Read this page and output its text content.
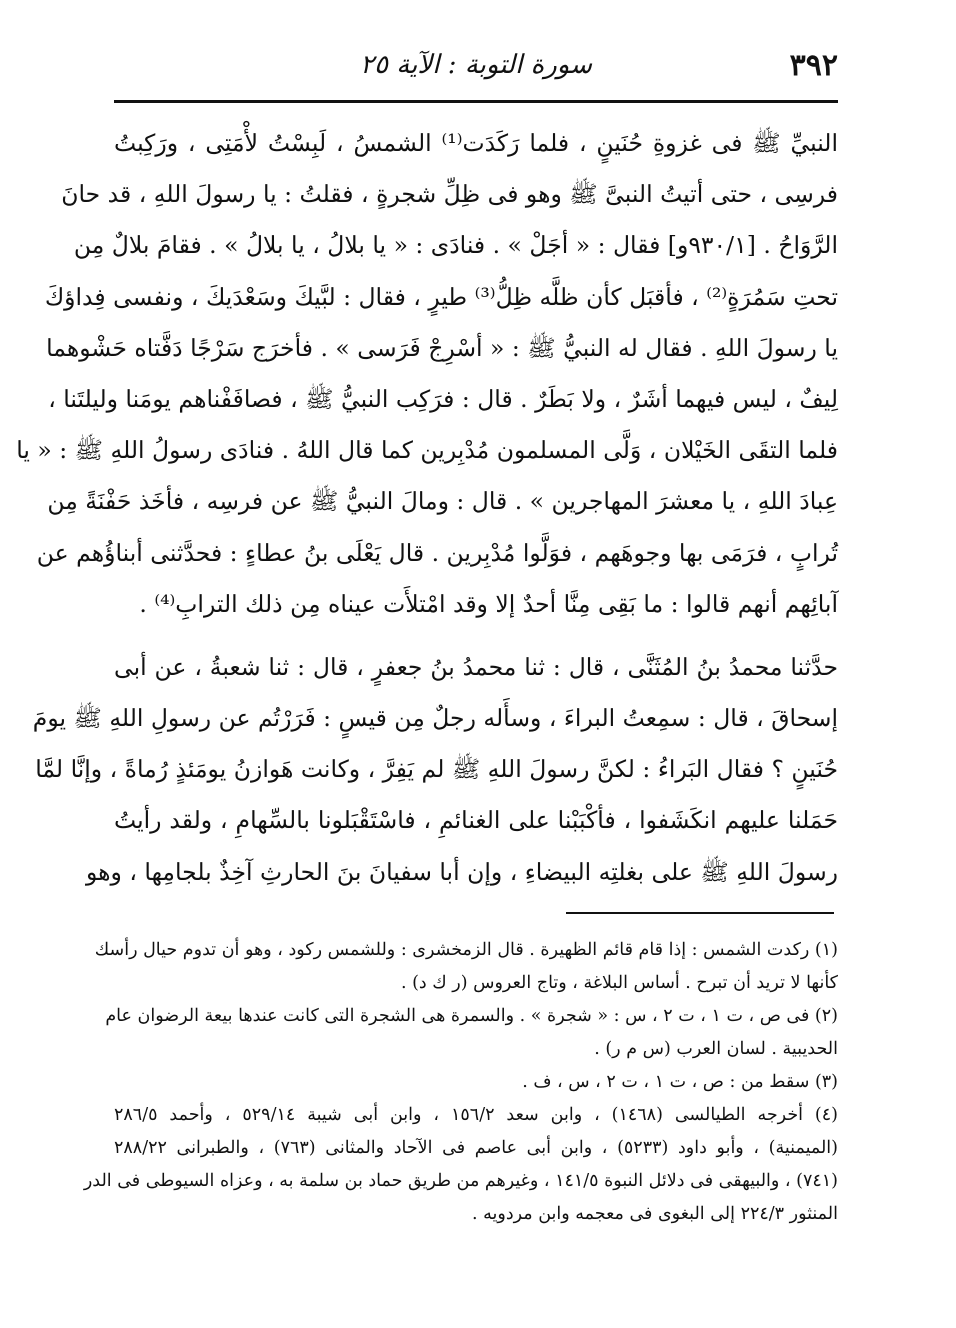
٣٩٢
سورة التوبة : الآية ٢٥
النبيِّ ﷺ فى غزوةِ حُنَينٍ ، فلما رَكَدَت⁽¹⁾ الشمسُ ، لَبِسْتُ لأْمَتِى ، ورَكِبتُ
فرسِى ، حتى أتيتُ النبىَّ ﷺ وهو فى ظِلِّ شجرةٍ ، فقلتُ : يا رسولَ اللهِ ، قد حانَ
الرَّوَاحُ . [٩٣٠/١و] فقال : « أجَلْ » . فنادَى : « يا بلالُ ، يا بلالُ » . فقامَ بلالٌ مِن
تحتِ سَمُرَةٍ⁽²⁾ ، فأقبَل كأن ظلَّه ظِلُّ⁽³⁾ طيرٍ ، فقال : لبَّيكَ وسَعْدَيكَ ، ونفسى فِداؤكَ
يا رسولَ اللهِ . فقال له النبيُّ ﷺ : « أسْرِجْ فَرَسى » . فأخرَج سَرْجًا دَفَّتاه حَشْوهما
لِيفٌ ، ليس فيهما أشَرٌ ، ولا بَطَرٌ . قال : فرَكِب النبيُّ ﷺ ، فصافَفْناهم يومَنا وليلتَنا ،
فلما التقَى الخَيْلان ، وَلَّى المسلمون مُدْبِرين كما قال اللهُ . فنادَى رسولُ اللهِ ﷺ : « يا
عِبادَ اللهِ ، يا معشرَ المهاجرين » . قال : ومالَ النبيُّ ﷺ عن فرسِه ، فأخَذ حَفْنَةً مِن
تُرابٍ ، فرَمَى بها وجوهَهم ، فوَلَّوا مُدْبِرين . قال يَعْلَى بنُ عطاءٍ : فحدَّثنى أبناؤُهم عن
آبائِهم أنهم قالوا : ما بَقِى مِنَّا أحدٌ إلا وقد امْتلأَت عيناه مِن ذلك الترابِ⁽⁴⁾ .
حدَّثنا محمدُ بنُ المُثَنَّى ، قال : ثنا محمدُ بنُ جعفرٍ ، قال : ثنا شعبةُ ، عن أبى
إسحاقَ ، قال : سمِعتُ البراءَ ، وسأَله رجلٌ مِن قيسٍ : فَرَرْتُم عن رسولِ اللهِ ﷺ يومَ
حُنَينٍ ؟ فقال البَراءُ : لكنَّ رسولَ اللهِ ﷺ لم يَفِرَّ ، وكانت هَوازنُ يومَئذٍ رُماةً ، وإنَّا لمَّا
حَمَلنا عليهم انكَشَفوا ، فأكْبَبْنا على الغنائمِ ، فاسْتَقْبَلونا بالسِّهامِ ، ولقد رأيتُ
رسولَ اللهِ ﷺ على بغلتِه البيضاءِ ، وإن أبا سفيانَ بنَ الحارثِ آخِذٌ بلجامِها ، وهو
(١) ركدت الشمس : إذا قام قائم الظهيرة . قال الزمخشرى : وللشمس ركود ، وهو أن تدوم حيال رأسك
كأنها لا تريد أن تبرح . أساس البلاغة ، وتاج العروس (ر ك د) .
(٢) فى ص ، ت ١ ، ت ٢ ، س : « شجرة » . والسمرة هى الشجرة التى كانت عندها بيعة الرضوان عام
الحديبية . لسان العرب (س م ر) .
(٣) سقط من : ص ، ت ١ ، ت ٢ ، س ، ف .
(٤) أخرجه الطيالسى (١٤٦٨) ، وابن سعد ١٥٦/٢ ، وابن أبى شيبة ٥٢٩/١٤ ، وأحمد ٢٨٦/٥
(الميمنية) ، وأبو داود (٥٢٣٣) ، وابن أبى عاصم فى الآحاد والمثانى (٧٦٣) ، والطبرانى ٢٨٨/٢٢
(٧٤١) ، والبيهقى فى دلائل النبوة ١٤١/٥ ، وغيرهم من طريق حماد بن سلمة به ، وعزاه السيوطى فى الدر
المنثور ٢٢٤/٣ إلى البغوى فى معجمه وابن مردويه .
